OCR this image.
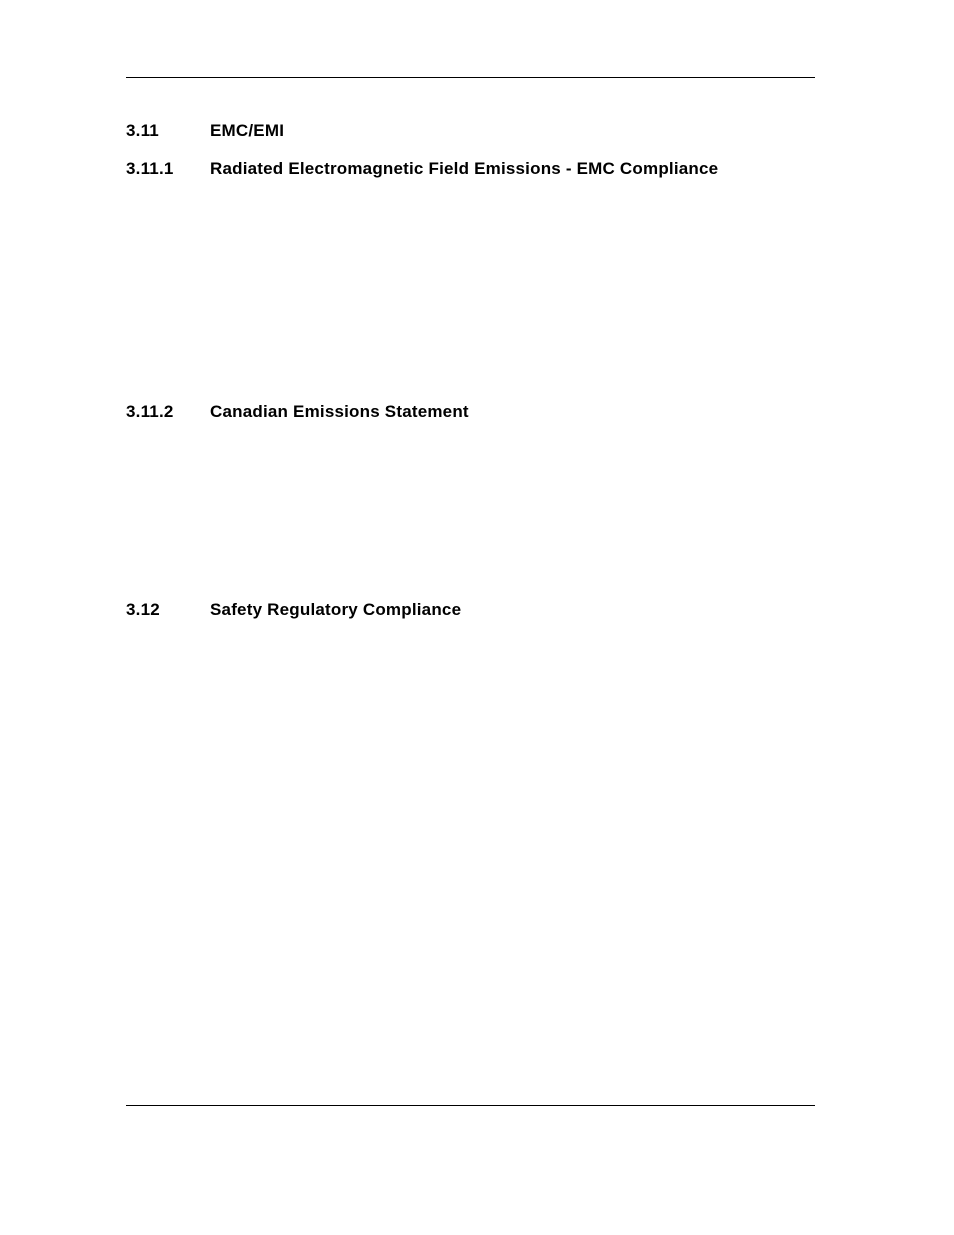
3.11	EMC/EMI
3.11.1	Radiated Electromagnetic Field Emissions - EMC Compliance
3.11.2	Canadian Emissions Statement
3.12	Safety Regulatory Compliance
